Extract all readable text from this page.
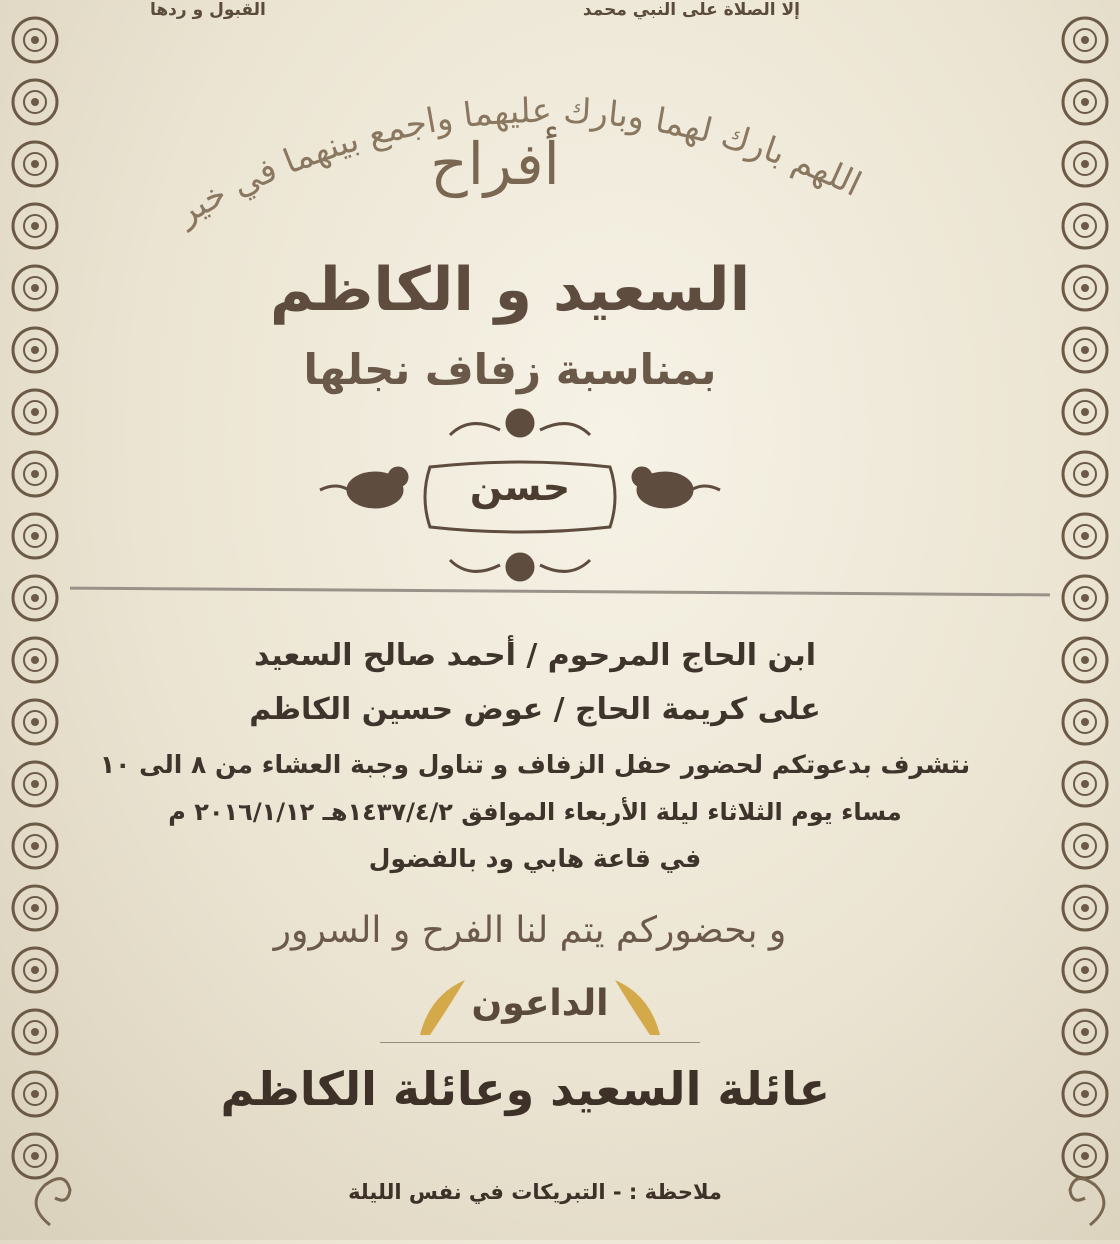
إلا الصلاة على النبي محمد
القبول و ردها
اللهم بارك لهما وبارك عليهما واجمع بينهما في خير
أفراح
السعيد و الكاظم
بمناسبة زفاف نجلها
حسن
ابن الحاج المرحوم / أحمد صالح السعيد
على كريمة الحاج / عوض حسين الكاظم
نتشرف بدعوتكم لحضور حفل الزفاف و تناول وجبة العشاء من ٨ الى ١٠
مساء يوم الثلاثاء ليلة الأربعاء الموافق ١٤٣٧/٤/٢هـ ٢٠١٦/١/١٢ م
في قاعة هابي ود بالفضول
و بحضوركم يتم لنا الفرح و السرور
الداعون
عائلة السعيد وعائلة الكاظم
ملاحظة : - التبريكات في نفس الليلة
